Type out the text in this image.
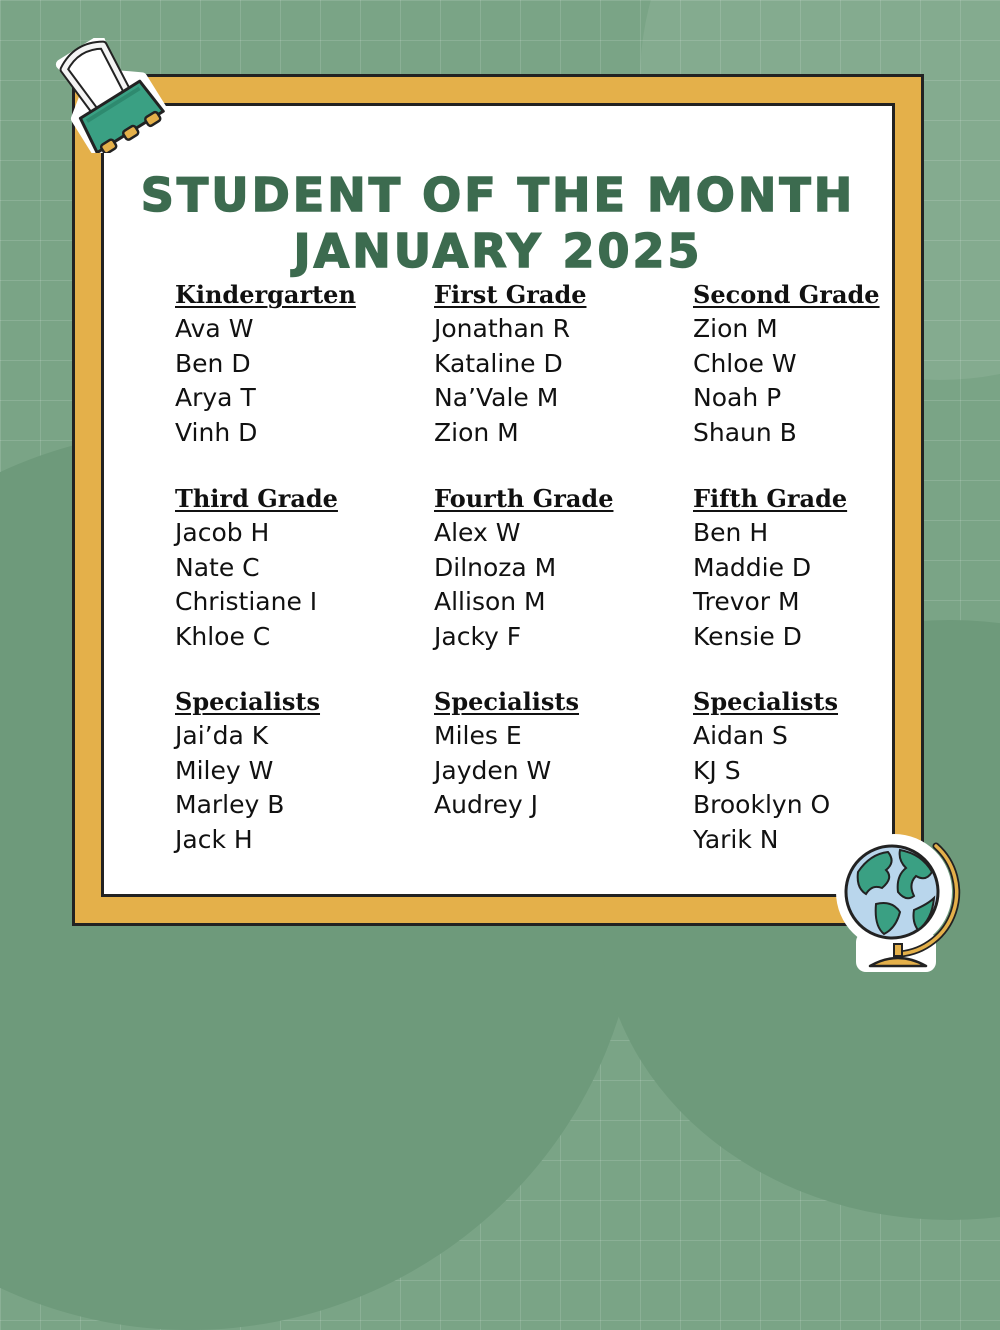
STUDENT OF THE MONTH
JANUARY 2025
Kindergarten
Ava W
Ben D
Arya T
Vinh D
First Grade
Jonathan R
Kataline D
Na’Vale M
Zion M
Second Grade
Zion M
Chloe W
Noah P
Shaun B
Third Grade
Jacob H
Nate C
Christiane I
Khloe C
Fourth Grade
Alex W
Dilnoza M
Allison M
Jacky F
Fifth Grade
Ben H
Maddie D
Trevor M
Kensie D
Specialists
Jai’da K
Miley W
Marley B
Jack H
Specialists
Miles E
Jayden W
Audrey J
Specialists
Aidan S
KJ S
Brooklyn O
Yarik N
